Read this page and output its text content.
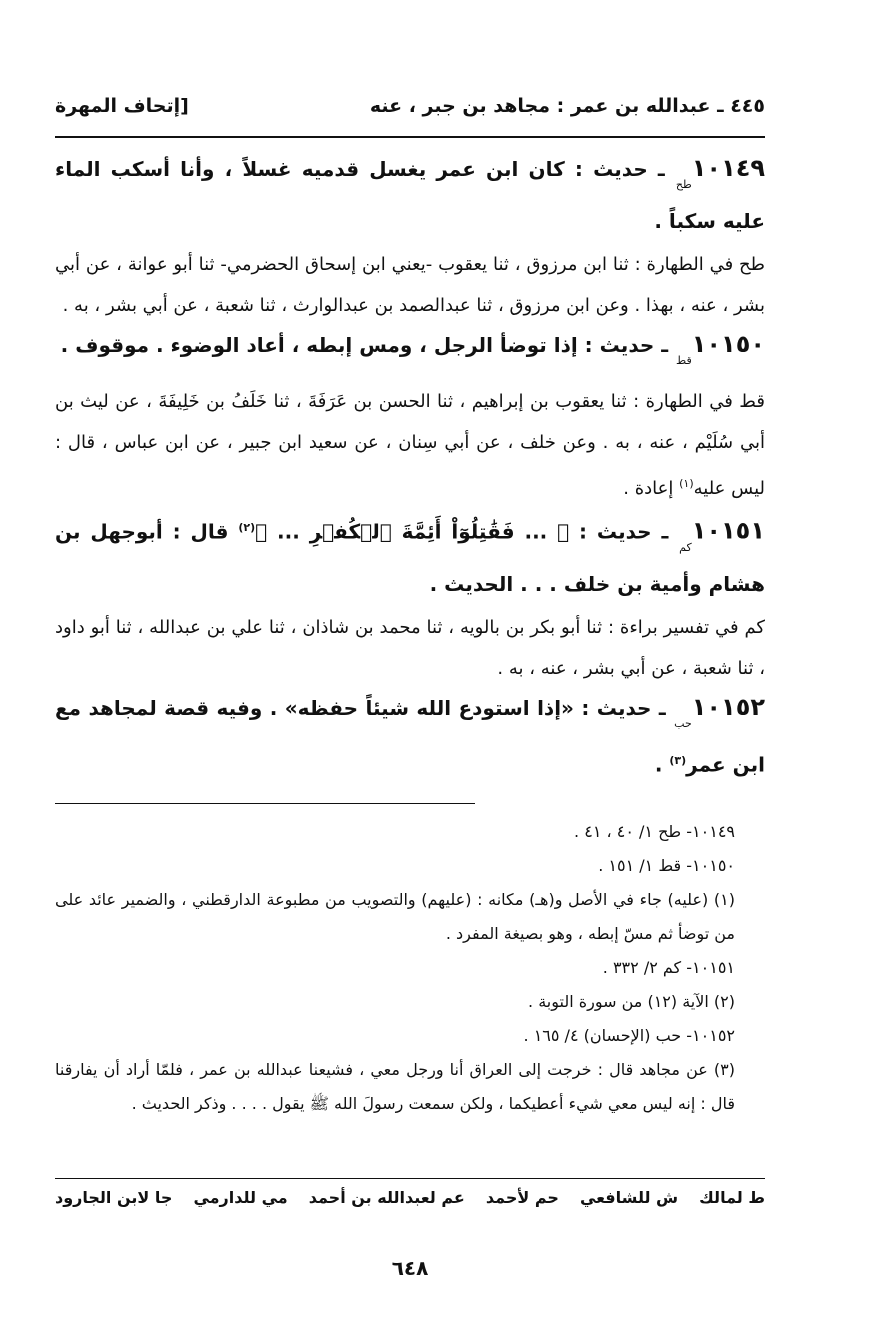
٤٤٥ ـ عبدالله بن عمر : مجاهد بن جبر ، عنه
[إتحاف المهرة

$١٠١٤٩_{طح}$ ـ حديث : كان ابن عمر يغسل قدميه غسلاً ، وأنا أسكب الماء عليه سكباً .

طح في الطهارة : ثنا ابن مرزوق ، ثنا يعقوب -يعني ابن إسحاق الحضرمي- ثنا أبو عوانة ، عن أبي بشر ، عنه ، بهذا . وعن ابن مرزوق ، ثنا عبدالصمد بن عبدالوارث ، ثنا شعبة ، عن أبي بشر ، به .

$١٠١٥٠_{قط}$ ـ حديث : إذا توضأ الرجل ، ومس إبطه ، أعاد الوضوء . موقوف .

قط في الطهارة : ثنا يعقوب بن إبراهيم ، ثنا الحسن بن عَرَفَةَ ، ثنا خَلَفُ بن خَلِيفَةَ ، عن ليث بن أبي سُلَيْم ، عنه ، به . وعن خلف ، عن أبي سِنان ، عن سعيد ابن جبير ، عن ابن عباس ، قال : ليس عليه$^{(١)}$ إعادة .

$١٠١٥١_{كم}$ ـ حديث : ﴿ ... فَقَٰتِلُوٓاْ أَئِمَّةَ ٱلۡكُفۡرِ ... ﴾$^{(٢)}$ قال : أبوجهل بن هشام وأمية بن خلف . . . الحديث .

كم في تفسير براءة : ثنا أبو بكر بن بالويه ، ثنا محمد بن شاذان ، ثنا علي بن عبدالله ، ثنا أبو داود ، ثنا شعبة ، عن أبي بشر ، عنه ، به .

$١٠١٥٢_{حب}$ ـ حديث : «إذا استودع الله شيئاً حفظه» . وفيه قصة لمجاهد مع ابن عمر$^{(٣)}$ .

١٠١٤٩- طح ١/ ٤٠ ، ٤١ .

١٠١٥٠- قط ١/ ١٥١ .

(١) (عليه) جاء في الأصل و(هـ) مكانه : (عليهم) والتصويب من مطبوعة الدارقطني ، والضمير عائد على من توضأ ثم مسّ إبطه ، وهو بصيغة المفرد .

١٠١٥١- كم ٢/ ٣٣٢ .

(٢) الآية (١٢) من سورة التوبة .

١٠١٥٢- حب (الإحسان) ٤/ ١٦٥ .

(٣) عن مجاهد قال : خرجت إلى العراق أنا ورجل معي ، فشيعنا عبدالله بن عمر ، فلمّا أراد أن يفارقنا قال : إنه ليس معي شيء أعطيكما ، ولكن سمعت رسولَ الله ﷺ يقول . . . . وذكر الحديث .

ط لمالك
ش للشافعي
حم لأحمد
عم لعبدالله بن أحمد
مي للدارمي
جا لابن الجارود
٦٤٨
